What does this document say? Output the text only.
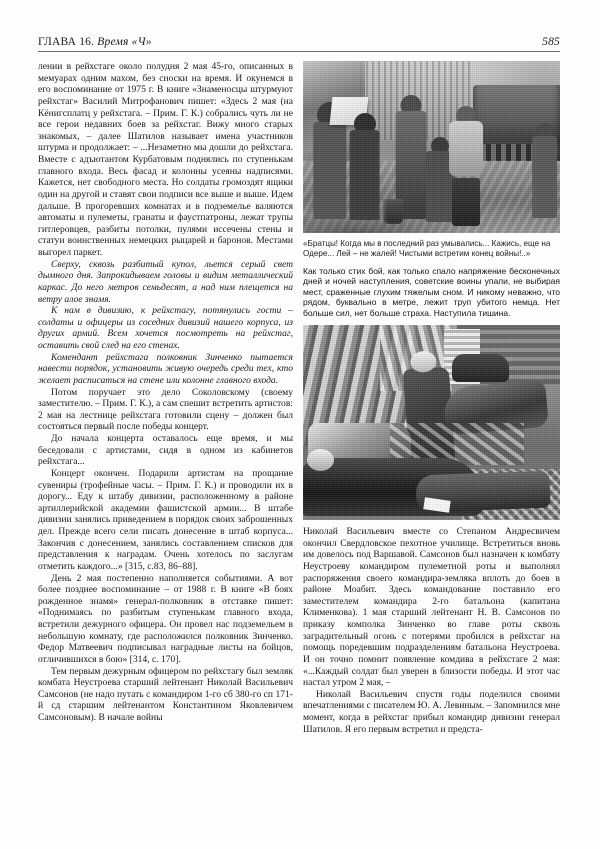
ГЛАВА 16. Время «Ч»	585

лении в рейхстаге около полудня 2 мая 45-го, описанных в мемуарах одним махом, без сноски на время. И окунемся в его воспоминание от 1975 г. В книге «Знаменосцы штурмуют рейхстаг» Василий Митрофанович пишет: «Здесь 2 мая (на Кёнигсплатц у рейхстага. – Прим. Г. К.) собрались чуть ли не все герои недавних боев за рейхстаг. Вижу много старых знакомых, – далее Шатилов называет имена участников штурма и продолжает: – ...Незаметно мы дошли до рейхстага. Вместе с адъютантом Курбатовым поднялись по ступенькам главного входа. Весь фасад и колонны усеяны надписями. Кажется, нет свободного места. Но солдаты громоздят ящики один на другой и ставят свои подписи все выше и выше. Идем дальше. В прогоревших комнатах и в подземелье валяются автоматы и пулеметы, гранаты и фаустпатроны, лежат трупы гитлеровцев, разбиты потолки, пулями иссечены стены и статуи воинственных немецких рыцарей и баронов. Местами выгорел паркет.

Сверху, сквозь разбитый купол, льется серый свет дымного дня. Запрокидываем головы и видим металлический каркас. До него метров семьдесят, а над ним плещется на ветру алое знамя.

К нам в дивизию, к рейхстагу, потянулись гости – солдаты и офицеры из соседних дивизий нашего корпуса, из других армий. Всем хочется посмотреть на рейхстаг, оставить свой след на его стенах.

Комендант рейхстага полковник Зинченко пытается навести порядок, установить живую очередь среди тех, кто желает расписаться на стене или колонне главного входа.

Потом поручает это дело Соколовскому (своему заместителю. – Прим. Г. К.), а сам спешит встретить артистов: 2 мая на лестнице рейхстага готовили сцену – должен был состояться первый после победы концерт.

До начала концерта оставалось еще время, и мы беседовали с артистами, сидя в одном из кабинетов рейхстага...

Концерт окончен. Подарили артистам на прощание сувениры (трофейные часы. – Прим. Г. К.) и проводили их в дорогу... Еду к штабу дивизии, расположенному в районе артиллерийской академии фашистской армии... В штабе дивизии занялись приведением в порядок своих заброшенных дел. Прежде всего сели писать донесение в штаб корпуса... Закончив с донесением, занялись составлением списков для представления к наградам. Очень хотелось по заслугам отметить каждого...» [315, с.83, 86–88].

День 2 мая постепенно наполняется событиями. А вот более позднее воспоминание – от 1988 г. В книге «В боях рожденное знамя» генерал-полковник в отставке пишет: «Поднимаясь по разбитым ступенькам главного входа, встретили дежурного офицера. Он провел нас подземельем в небольшую комнату, где расположился полковник Зинченко. Федор Матвеевич подписывал наградные листы на бойцов, отличившихся в бою» [314, с. 170].

Тем первым дежурным офицером по рейхстагу был земляк комбата Неустроева старший лейтенант Николай Васильевич Самсонов (не надо путать с командиром 1-го сб 380-го сп 171-й сд старшим лейтенантом Константином Яковлевичем Самсоновым). В начале войны

«Братцы! Когда мы в последний раз умывались... Кажись, еще на Одере... Лей – не жалей! Чистыми встретим конец войны!..»

Как только стих бой, как только спало напряжение бесконечных дней и ночей наступления, советские воины упали, не выбирая мест, сраженные глухим тяжелым сном. И никому неважно, что рядом, буквально в метре, лежит труп убитого немца. Нет больше сил, нет больше страха. Наступила тишина.

Николай Васильевич вместе со Степаном Андресвичем окончил Свердловское пехотное училище. Встретиться вновь им довелось под Варшавой. Самсонов был назначен к комбату Неустроеву командиром пулеметной роты и выполнял распоряжения своего командира-земляка вплоть до боев в районе Моабит. Здесь командование поставило его заместителем командира 2-го батальона (капитана Клименкова). 1 мая старший лейтенант Н. В. Самсонов по приказу комполка Зинченко во главе роты сквозь заградительный огонь с потерями пробился в рейхстаг на помощь поредевшим подразделениям батальона Неустроева. И он точно помнит появление комдива в рейхстаге 2 мая: «...Каждый солдат был уверен в близости победы. И этот час настал утром 2 мая, –

Николай Васильевич спустя годы поделился своими впечатлениями с писателем Ю. А. Левиным. – Запомнился мне момент, когда в рейхстаг прибыл командир дивизии генерал Шатилов. Я его первым встретил и предста-
